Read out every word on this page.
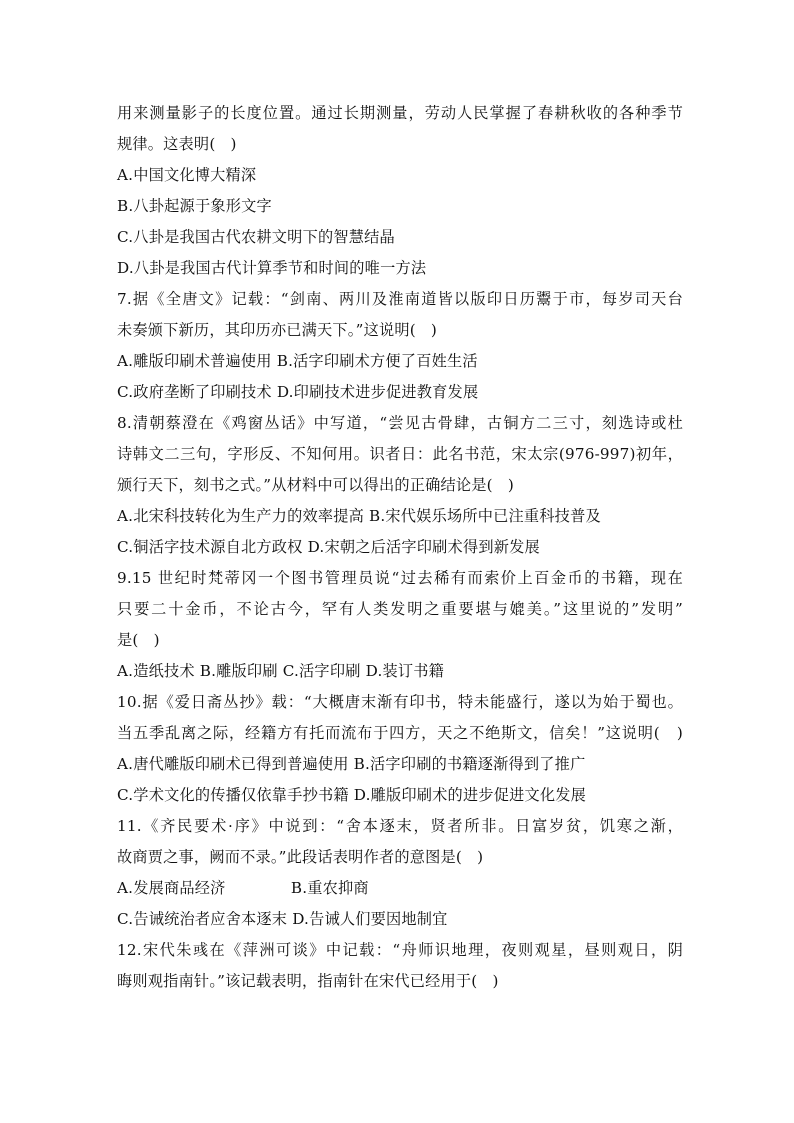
用来测量影子的长度位置。通过长期测量，劳动人民掌握了春耕秋收的各种季节
规律。这表明(   )
A.中国文化博大精深
B.八卦起源于象形文字
C.八卦是我国古代农耕文明下的智慧结晶
D.八卦是我国古代计算季节和时间的唯一方法
7.据《全唐文》记载：“剑南、两川及淮南道皆以版印日历鬻于市，每岁司天台
未奏颁下新历，其印历亦已满天下。”这说明(   )
A.雕版印刷术普遍使用 B.活字印刷术方便了百姓生活
C.政府垄断了印刷技术 D.印刷技术进步促进教育发展
8.清朝蔡澄在《鸡窗丛话》中写道，“尝见古骨肆，古铜方二三寸，刻选诗或杜
诗韩文二三句，字形反、不知何用。识者日：此名书范，宋太宗(976-997)初年，
颁行天下，刻书之式。”从材料中可以得出的正确结论是(   )
A.北宋科技转化为生产力的效率提高 B.宋代娱乐场所中已注重科技普及
C.铜活字技术源自北方政权 D.宋朝之后活字印刷术得到新发展
9.15 世纪时梵蒂冈一个图书管理员说“过去稀有而索价上百金币的书籍，现在
只要二十金币，不论古今，罕有人类发明之重要堪与媲美。”这里说的”发明”
是(   )
A.造纸技术 B.雕版印刷 C.活字印刷 D.装订书籍
10.据《爱日斋丛抄》载：“大概唐末渐有印书，特未能盛行，遂以为始于蜀也。
当五季乱离之际，经籍方有托而流布于四方，天之不绝斯文，信矣！”这说明(   )
A.唐代雕版印刷术已得到普遍使用 B.活字印刷的书籍逐渐得到了推广
C.学术文化的传播仅依靠手抄书籍 D.雕版印刷术的进步促进文化发展
11.《齐民要术·序》中说到：“舍本逐末，贤者所非。日富岁贫，饥寒之渐，
故商贾之事，阙而不录。”此段话表明作者的意图是(   )
A.发展商品经济             B.重农抑商
C.告诫统治者应舍本逐末 D.告诫人们要因地制宜
12.宋代朱彧在《萍洲可谈》中记载：“舟师识地理，夜则观星，昼则观日，阴
晦则观指南针。”该记载表明，指南针在宋代已经用于(   )
